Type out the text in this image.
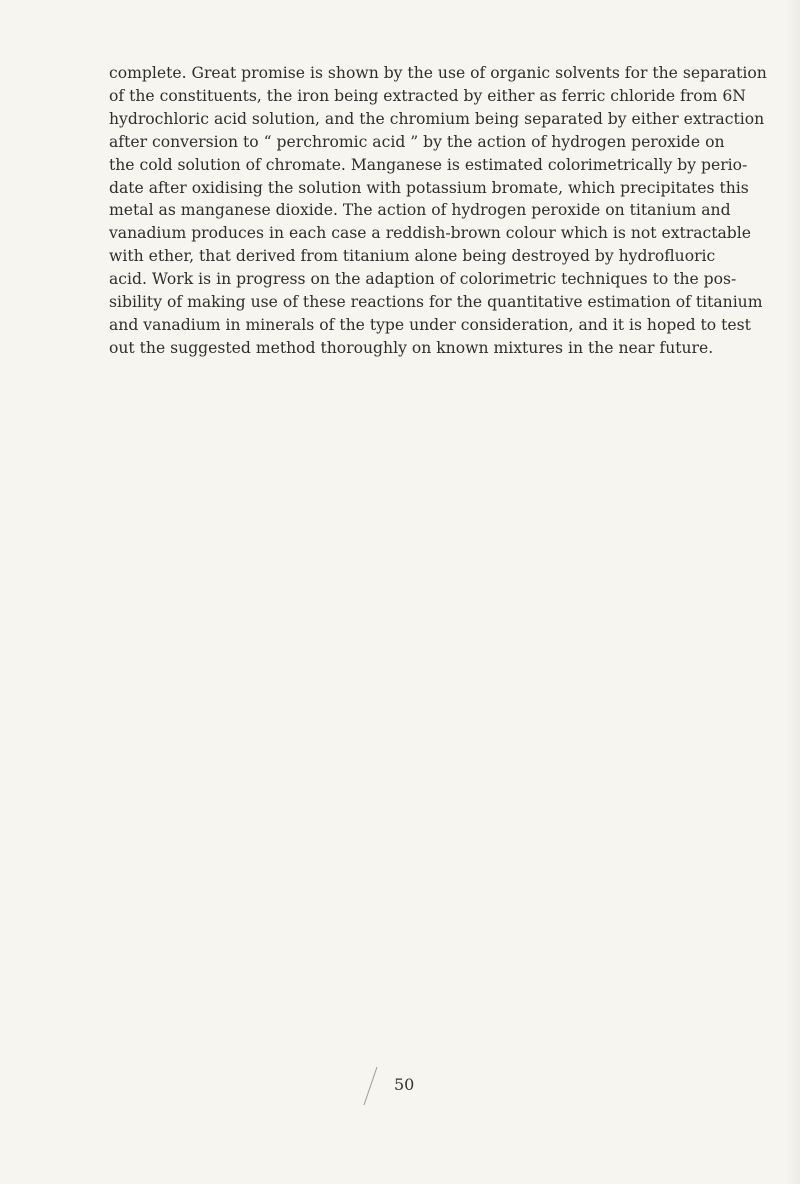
complete. Great promise is shown by the use of organic solvents for the separation
of the constituents, the iron being extracted by either as ferric chloride from 6N
hydrochloric acid solution, and the chromium being separated by either extraction
after conversion to “ perchromic acid ” by the action of hydrogen peroxide on
the cold solution of chromate. Manganese is estimated colorimetrically by perio-
date after oxidising the solution with potassium bromate, which precipitates this
metal as manganese dioxide. The action of hydrogen peroxide on titanium and
vanadium produces in each case a reddish-brown colour which is not extractable
with ether, that derived from titanium alone being destroyed by hydrofluoric
acid. Work is in progress on the adaption of colorimetric techniques to the pos-
sibility of making use of these reactions for the quantitative estimation of titanium
and vanadium in minerals of the type under consideration, and it is hoped to test
out the suggested method thoroughly on known mixtures in the near future.
50
